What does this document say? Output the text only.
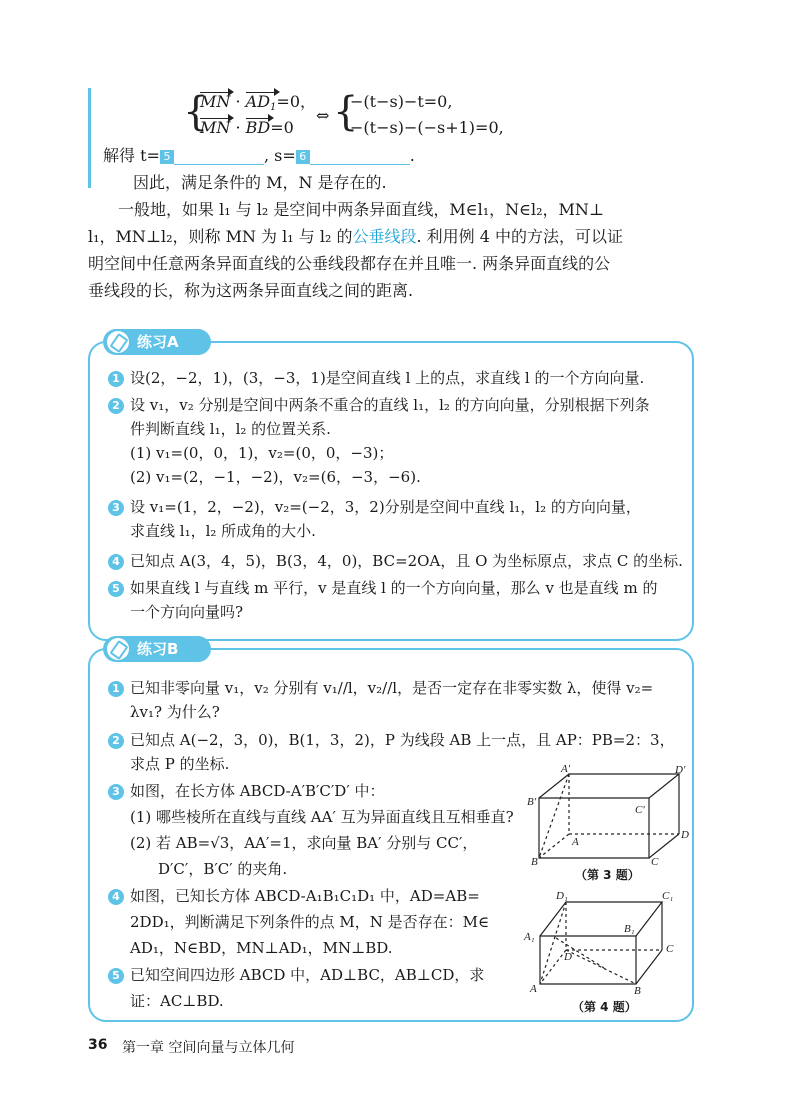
{
MN · $AD_1=0$，
MN · BD=0
⇔ {
−(t−s)−t=0,
−(t−s)−(−s+1)=0,
解得 t= 5	, s= 6	.
因此，满足条件的 M，N 是存在的.
一般地，如果 l₁ 与 l₂ 是空间中两条异面直线，M∈l₁，N∈l₂，MN⊥
l₁，MN⊥l₂，则称 MN 为 l₁ 与 l₂ 的公垂线段. 利用例 4 中的方法，可以证
明空间中任意两条异面直线的公垂线段都存在并且唯一. 两条异面直线的公
垂线段的长，称为这两条异面直线之间的距离.
练习A
1 设(2，−2，1)，(3，−3，1)是空间直线 l 上的点，求直线 l 的一个方向向量.
2 设 v₁，v₂ 分别是空间中两条不重合的直线 l₁，l₂ 的方向向量，分别根据下列条
件判断直线 l₁，l₂ 的位置关系.
(1) v₁=(0，0，1)，v₂=(0，0，−3)；
(2) v₁=(2，−1，−2)，v₂=(6，−3，−6).
3 设 v₁=(1，2，−2)，v₂=(−2，3，2)分别是空间中直线 l₁，l₂ 的方向向量，
求直线 l₁，l₂ 所成角的大小.
4 已知点 A(3，4，5)，B(3，4，0)，BC=2OA，且 O 为坐标原点，求点 C 的坐标.
5 如果直线 l 与直线 m 平行，v 是直线 l 的一个方向向量，那么 v 也是直线 m 的
一个方向向量吗?
练习B
1 已知非零向量 v₁，v₂ 分别有 v₁//l，v₂//l，是否一定存在非零实数 λ，使得 v₂=
λv₁? 为什么?
2 已知点 A(−2，3，0)，B(1，3，2)，P 为线段 AB 上一点，且 AP：PB=2：3，
求点 P 的坐标.
3 如图，在长方体 ABCD-A′B′C′D′ 中：
(1) 哪些棱所在直线与直线 AA′ 互为异面直线且互相垂直?
(2) 若 AB=√3，AA′=1，求向量 BA′ 分别与 CC′，
D′C′，B′C′ 的夹角.
4 如图，已知长方体 ABCD-A₁B₁C₁D₁ 中，AD=AB=
2DD₁，判断满足下列条件的点 M，N 是否存在：M∈
AD₁，N∈BD，MN⊥AD₁，MN⊥BD.
5 已知空间四边形 ABCD 中，AD⊥BC，AB⊥CD，求
证：AC⊥BD.
A′	D′
B′
C′
A
D
B	C
（第 3 题）
D₁	C₁
A₁
B₁
D
C
A	B
（第 4 题）
36 第一章 空间向量与立体几何
